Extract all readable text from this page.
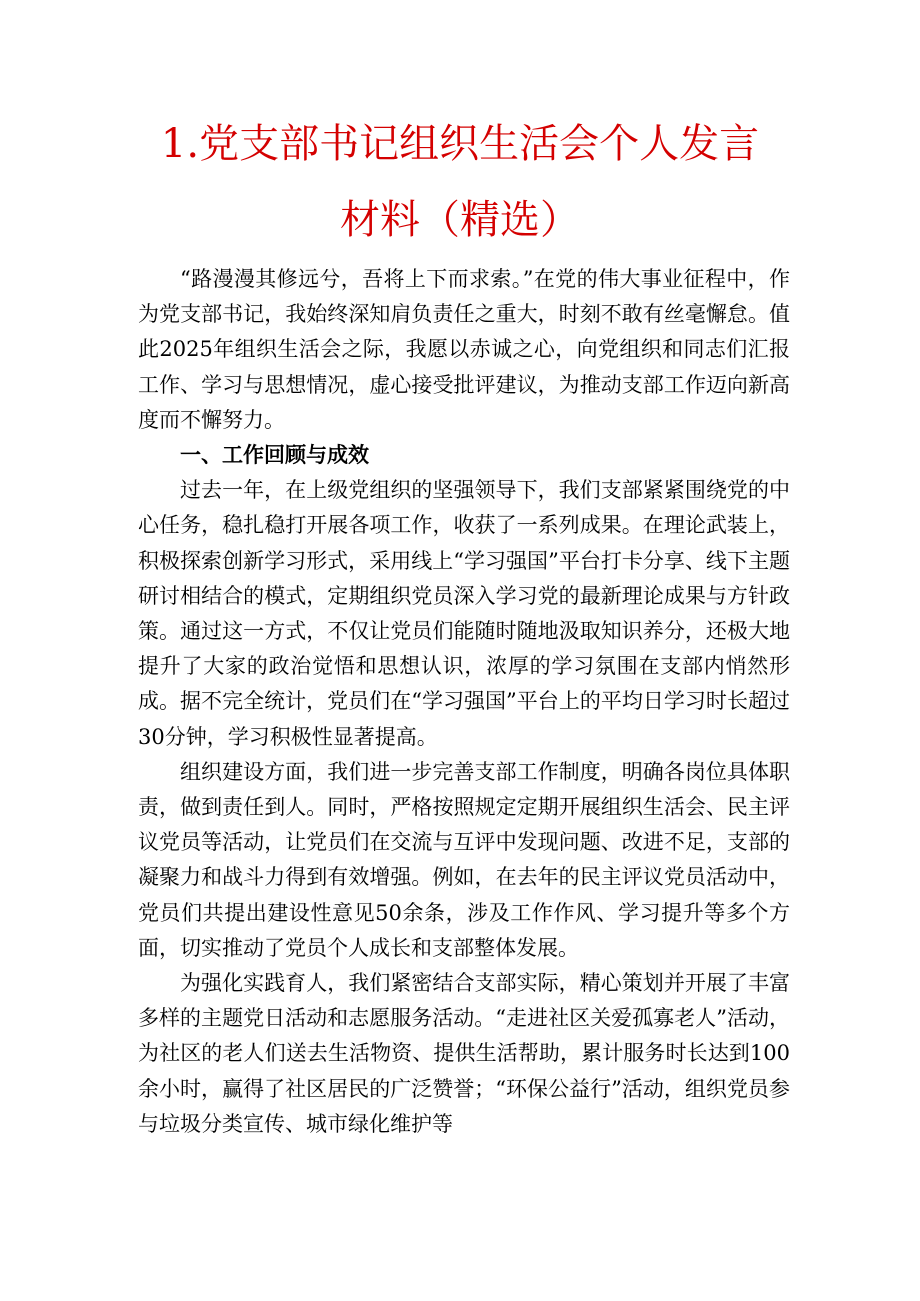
1.党支部书记组织生活会个人发言
材料（精选）

“路漫漫其修远兮，吾将上下而求索。”在党的伟大事业征程中，作为党支部书记，我始终深知肩负责任之重大，时刻不敢有丝毫懈怠。值此2025年组织生活会之际，我愿以赤诚之心，向党组织和同志们汇报工作、学习与思想情况，虚心接受批评建议，为推动支部工作迈向新高度而不懈努力。

一、工作回顾与成效

过去一年，在上级党组织的坚强领导下，我们支部紧紧围绕党的中心任务，稳扎稳打开展各项工作，收获了一系列成果。在理论武装上，积极探索创新学习形式，采用线上“学习强国”平台打卡分享、线下主题研讨相结合的模式，定期组织党员深入学习党的最新理论成果与方针政策。通过这一方式，不仅让党员们能随时随地汲取知识养分，还极大地提升了大家的政治觉悟和思想认识，浓厚的学习氛围在支部内悄然形成。据不完全统计，党员们在“学习强国”平台上的平均日学习时长超过30分钟，学习积极性显著提高。

组织建设方面，我们进一步完善支部工作制度，明确各岗位具体职责，做到责任到人。同时，严格按照规定定期开展组织生活会、民主评议党员等活动，让党员们在交流与互评中发现问题、改进不足，支部的凝聚力和战斗力得到有效增强。例如，在去年的民主评议党员活动中，党员们共提出建设性意见50余条，涉及工作作风、学习提升等多个方面，切实推动了党员个人成长和支部整体发展。

为强化实践育人，我们紧密结合支部实际，精心策划并开展了丰富多样的主题党日活动和志愿服务活动。“走进社区关爱孤寡老人”活动，为社区的老人们送去生活物资、提供生活帮助，累计服务时长达到100余小时，赢得了社区居民的广泛赞誉；“环保公益行”活动，组织党员参与垃圾分类宣传、城市绿化维护等
